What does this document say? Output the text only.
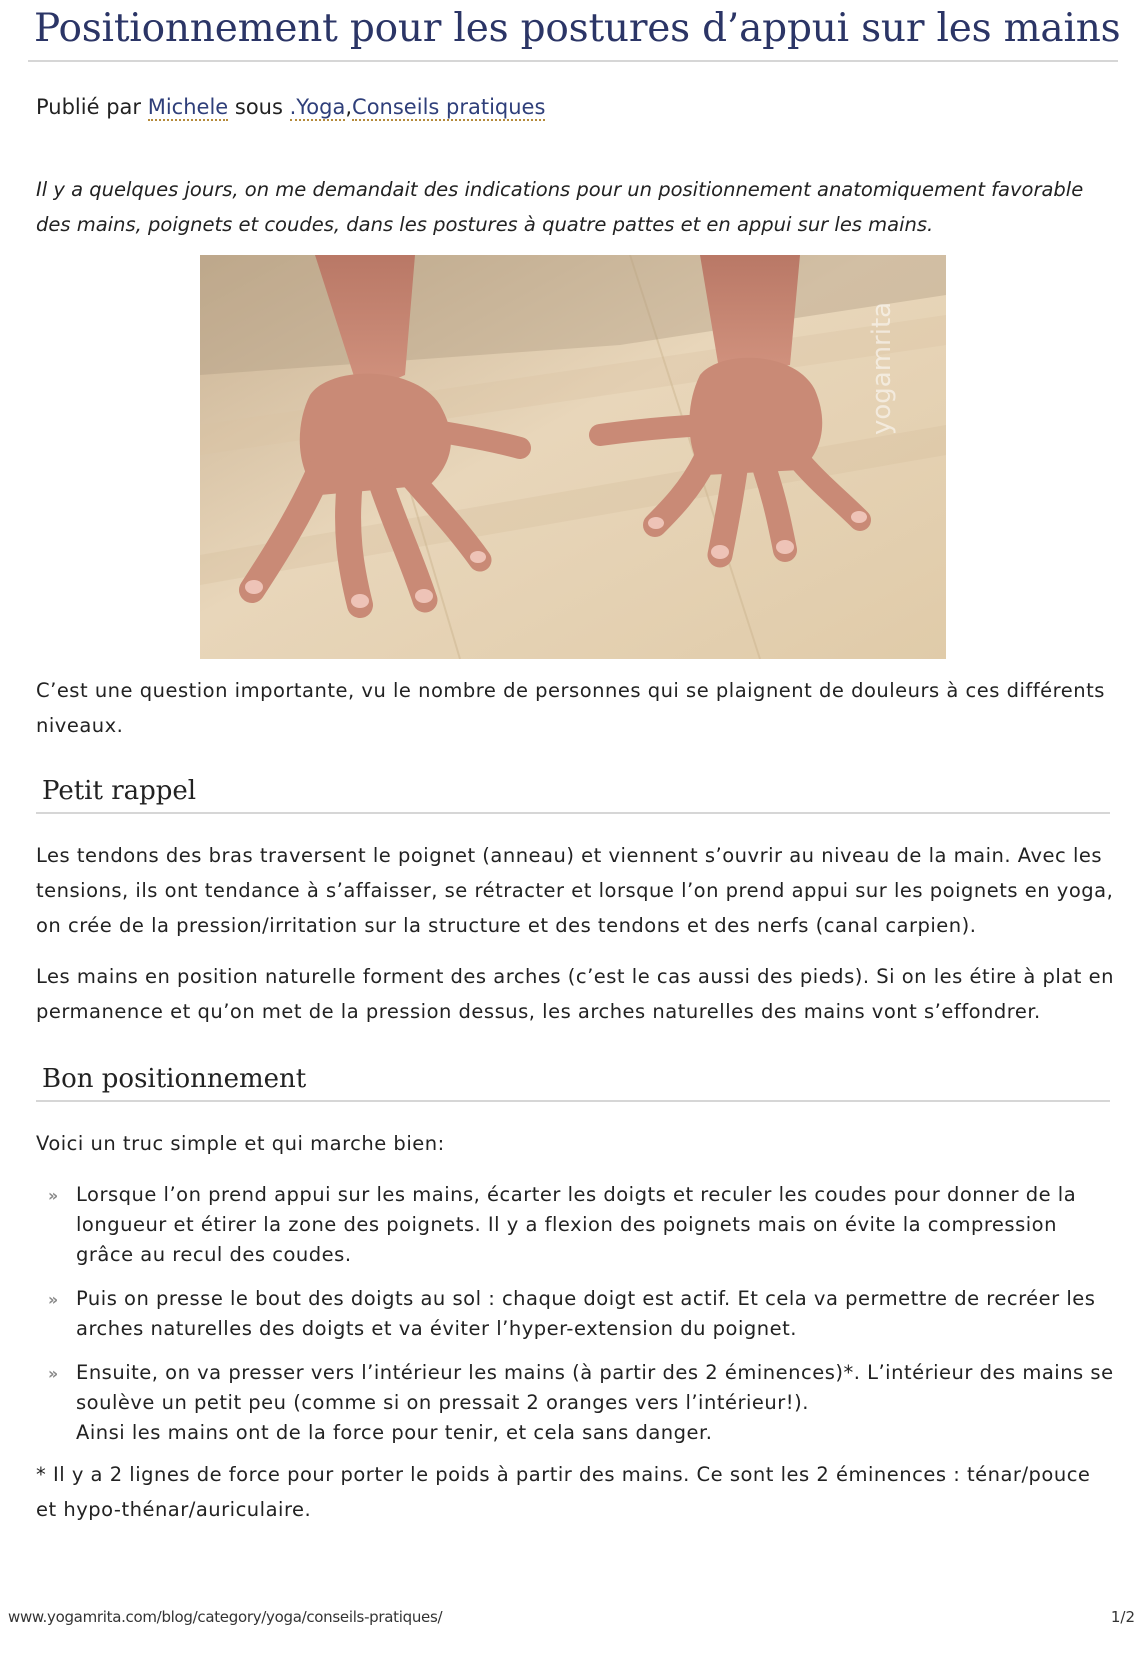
Positionnement pour les postures d’appui sur les mains
Publié par Michele sous .Yoga,Conseils pratiques

Il y a quelques jours, on me demandait des indications pour un positionnement anatomiquement favorable des mains, poignets et coudes, dans les postures à quatre pattes et en appui sur les mains.

yogamrita

C’est une question importante, vu le nombre de personnes qui se plaignent de douleurs à ces différents niveaux.

Petit rappel

Les tendons des bras traversent le poignet (anneau) et viennent s’ouvrir au niveau de la main. Avec les tensions, ils ont tendance à s’affaisser, se rétracter et lorsque l’on prend appui sur les poignets en yoga, on crée de la pression/irritation sur la structure et des tendons et des nerfs (canal carpien).

Les mains en position naturelle forment des arches (c’est le cas aussi des pieds). Si on les étire à plat en permanence et qu’on met de la pression dessus, les arches naturelles des mains vont s’effondrer.

Bon positionnement

Voici un truc simple et qui marche bien:

›› Lorsque l’on prend appui sur les mains, écarter les doigts et reculer les coudes pour donner de la longueur et étirer la zone des poignets. Il y a flexion des poignets mais on évite la compression grâce au recul des coudes.
›› Puis on presse le bout des doigts au sol : chaque doigt est actif. Et cela va permettre de recréer les arches naturelles des doigts et va éviter l’hyper-extension du poignet.
›› Ensuite, on va presser vers l’intérieur les mains (à partir des 2 éminences)*. L’intérieur des mains se soulève un petit peu (comme si on pressait 2 oranges vers l’intérieur!).
Ainsi les mains ont de la force pour tenir, et cela sans danger.

* Il y a 2 lignes de force pour porter le poids à partir des mains. Ce sont les 2 éminences : ténar/pouce et hypo-thénar/auriculaire.

www.yogamrita.com/blog/category/yoga/conseils-pratiques/	1/2
